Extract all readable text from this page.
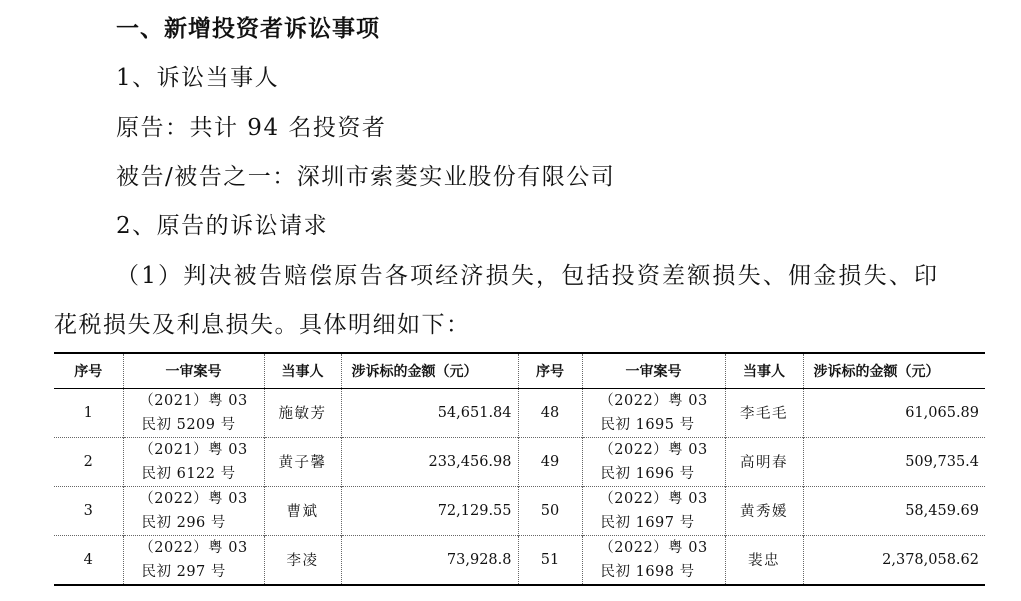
一、新增投资者诉讼事项
1、诉讼当事人
原告：共计 94 名投资者
被告/被告之一：深圳市索菱实业股份有限公司
2、原告的诉讼请求
（1）判决被告赔偿原告各项经济损失，包括投资差额损失、佣金损失、印
花税损失及利息损失。具体明细如下：
序号	一审案号	当事人	涉诉标的金额（元）	序号	一审案号	当事人	涉诉标的金额（元）
1	（2021）粤 03
民初 5209 号	施敏芳	54,651.84	48	（2022）粤 03
民初 1695 号	李毛毛	61,065.89
2	（2021）粤 03
民初 6122 号	黄子馨	233,456.98	49	（2022）粤 03
民初 1696 号	高明春	509,735.4
3	（2022）粤 03
民初 296 号	曹斌	72,129.55	50	（2022）粤 03
民初 1697 号	黄秀媛	58,459.69
4	（2022）粤 03
民初 297 号	李凌	73,928.8	51	（2022）粤 03
民初 1698 号	裴忠	2,378,058.62
